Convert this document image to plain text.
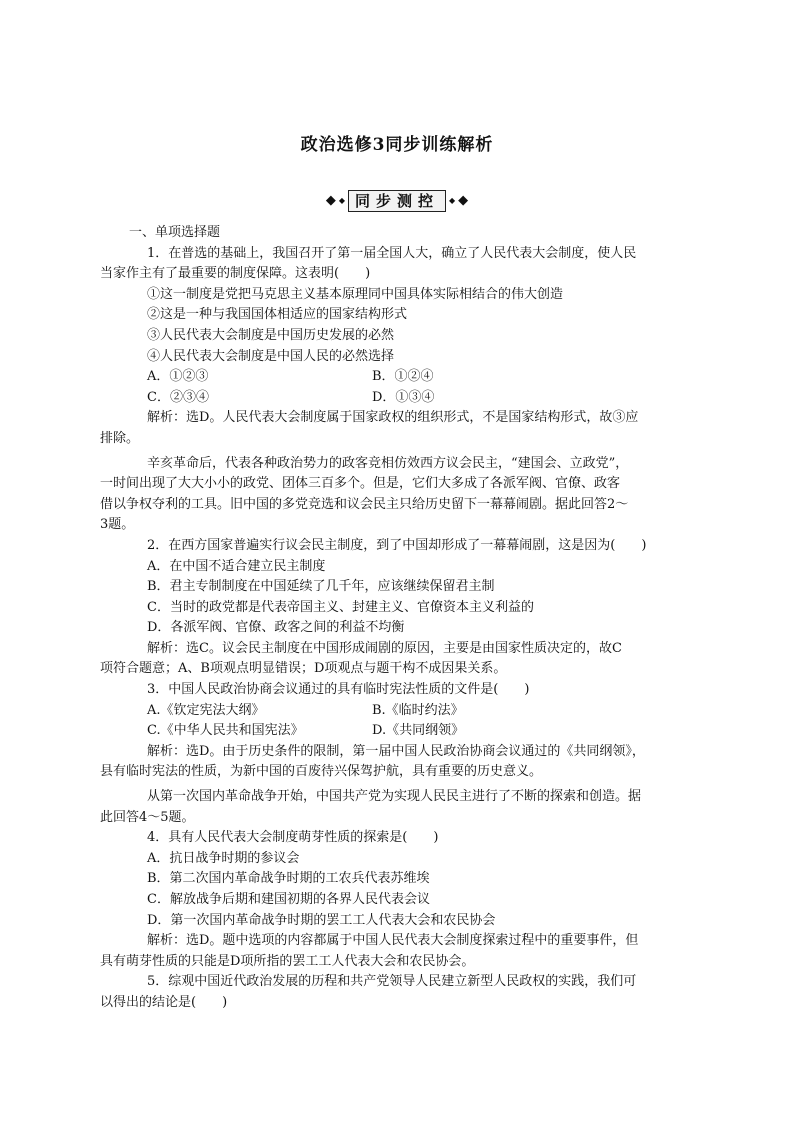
政治选修3同步训练解析
◆ ◆ 同步测控 ◆ ◆
一、单项选择题
1．在普选的基础上，我国召开了第一届全国人大，确立了人民代表大会制度，使人民
当家作主有了最重要的制度保障。这表明(　　)
①这一制度是党把马克思主义基本原理同中国具体实际相结合的伟大创造
②这是一种与我国国体相适应的国家结构形式
③人民代表大会制度是中国历史发展的必然
④人民代表大会制度是中国人民的必然选择
A．①②③	B．①②④
C．②③④	D．①③④
解析：选D。人民代表大会制度属于国家政权的组织形式，不是国家结构形式，故③应
排除。
辛亥革命后，代表各种政治势力的政客竞相仿效西方议会民主，“建国会、立政党”，
一时间出现了大大小小的政党、团体三百多个。但是，它们大多成了各派军阀、官僚、政客
借以争权夺利的工具。旧中国的多党竞选和议会民主只给历史留下一幕幕闹剧。据此回答2～
3题。
2．在西方国家普遍实行议会民主制度，到了中国却形成了一幕幕闹剧，这是因为(　　)
A．在中国不适合建立民主制度
B．君主专制制度在中国延续了几千年，应该继续保留君主制
C．当时的政党都是代表帝国主义、封建主义、官僚资本主义利益的
D．各派军阀、官僚、政客之间的利益不均衡
解析：选C。议会民主制度在中国形成闹剧的原因，主要是由国家性质决定的，故C
项符合题意；A、B项观点明显错误；D项观点与题干构不成因果关系。
3．中国人民政治协商会议通过的具有临时宪法性质的文件是(　　)
A.《钦定宪法大纲》	B.《临时约法》
C.《中华人民共和国宪法》	D.《共同纲领》
解析：选D。由于历史条件的限制，第一届中国人民政治协商会议通过的《共同纲领》，
县有临时宪法的性质，为新中国的百废待兴保驾护航，具有重要的历史意义。
从第一次国内革命战争开始，中国共产党为实现人民民主进行了不断的探索和创造。据
此回答4～5题。
4．具有人民代表大会制度萌芽性质的探索是(　　)
A．抗日战争时期的参议会
B．第二次国内革命战争时期的工农兵代表苏维埃
C．解放战争后期和建国初期的各界人民代表会议
D．第一次国内革命战争时期的罢工工人代表大会和农民协会
解析：选D。题中选项的内容都属于中国人民代表大会制度探索过程中的重要事件，但
具有萌芽性质的只能是D项所指的罢工工人代表大会和农民协会。
5．综观中国近代政治发展的历程和共产党领导人民建立新型人民政权的实践，我们可
以得出的结论是(　　)
